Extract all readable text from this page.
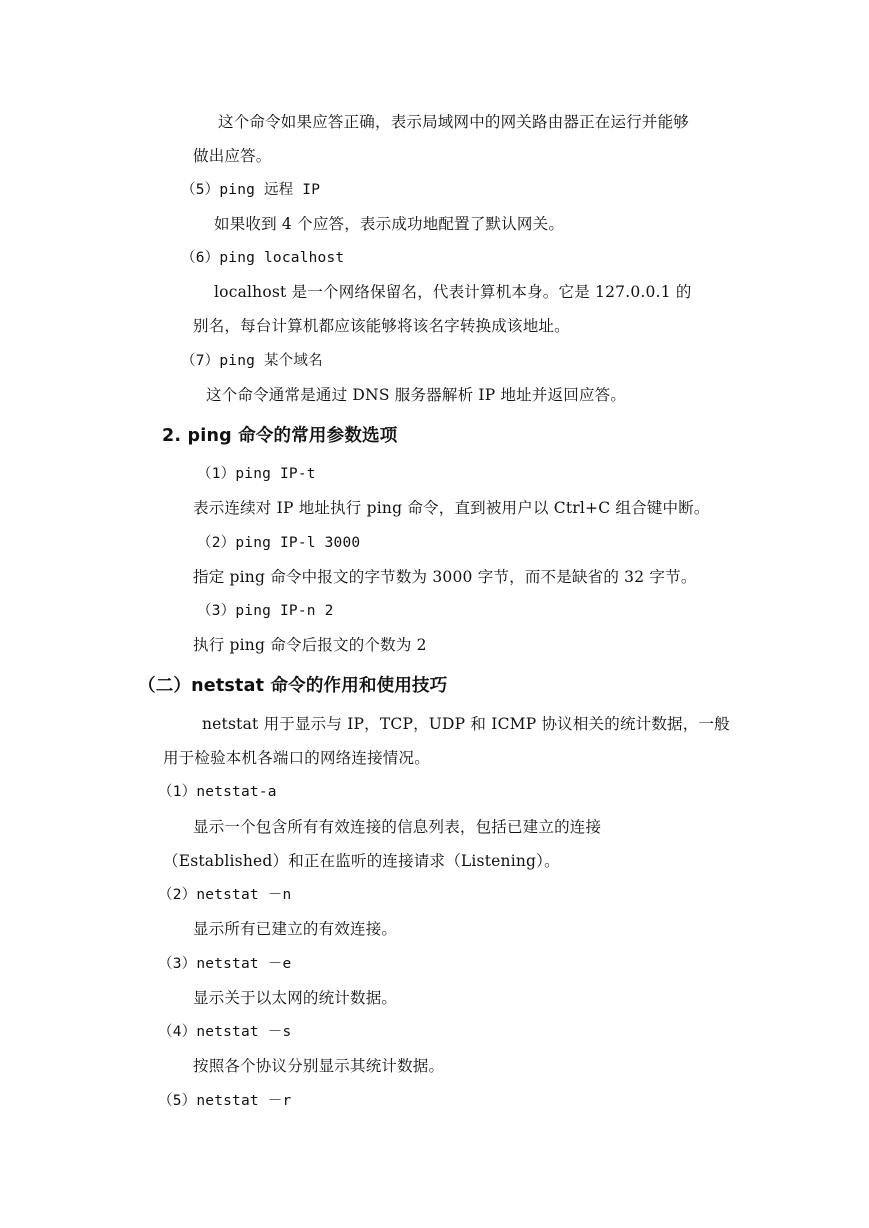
这个命令如果应答正确，表示局域网中的网关路由器正在运行并能够
做出应答。
（5）ping 远程 IP
如果收到 4 个应答，表示成功地配置了默认网关。
（6）ping localhost
localhost 是一个网络保留名，代表计算机本身。它是 127.0.0.1 的
别名，每台计算机都应该能够将该名字转换成该地址。
（7）ping 某个域名
这个命令通常是通过 DNS 服务器解析 IP 地址并返回应答。
2. ping 命令的常用参数选项
（1）ping IP-t
表示连续对 IP 地址执行 ping 命令，直到被用户以 Ctrl+C 组合键中断。
（2）ping IP-l 3000
指定 ping 命令中报文的字节数为 3000 字节，而不是缺省的 32 字节。
（3）ping IP-n 2
执行 ping 命令后报文的个数为 2
（二）netstat 命令的作用和使用技巧
netstat 用于显示与 IP，TCP，UDP 和 ICMP 协议相关的统计数据，一般
用于检验本机各端口的网络连接情况。
（1）netstat-a
显示一个包含所有有效连接的信息列表，包括已建立的连接
（Established）和正在监听的连接请求（Listening）。
（2）netstat －n
显示所有已建立的有效连接。
（3）netstat －e
显示关于以太网的统计数据。
（4）netstat －s
按照各个协议分别显示其统计数据。
（5）netstat －r
